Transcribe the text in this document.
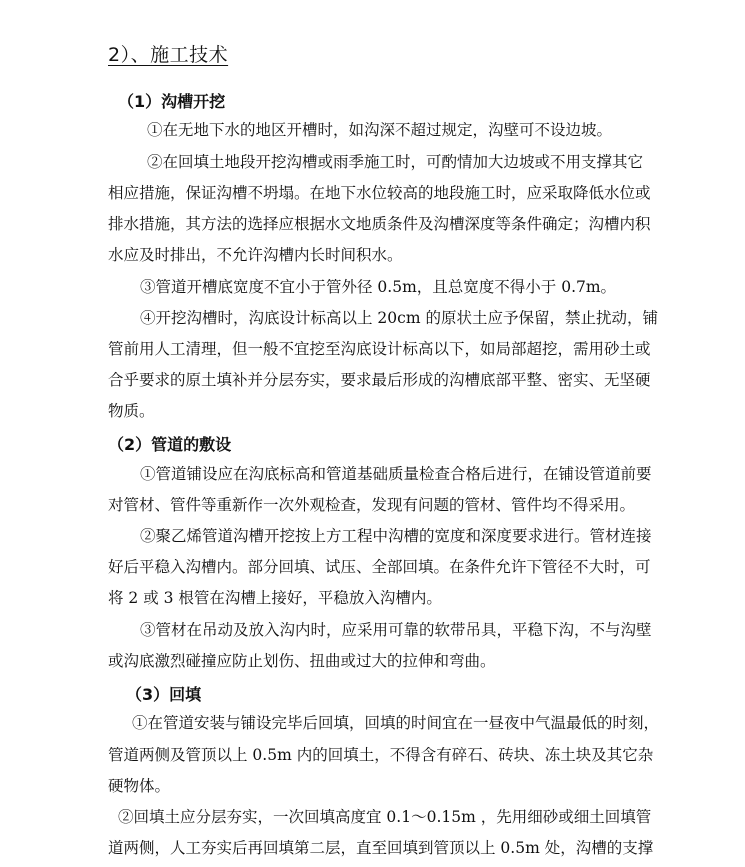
2）、施工技术
（1）沟槽开挖

①在无地下水的地区开槽时，如沟深不超过规定，沟壁可不设边坡。

②在回填土地段开挖沟槽或雨季施工时，可酌情加大边坡或不用支撑其它

相应措施，保证沟槽不坍塌。在地下水位较高的地段施工时，应采取降低水位或

排水措施，其方法的选择应根据水文地质条件及沟槽深度等条件确定；沟槽内积

水应及时排出，不允许沟槽内长时间积水。

③管道开槽底宽度不宜小于管外径 0.5m，且总宽度不得小于 0.7m。

④开挖沟槽时，沟底设计标高以上 20cm 的原状土应予保留，禁止扰动，铺

管前用人工清理，但一般不宜挖至沟底设计标高以下，如局部超挖，需用砂土或

合乎要求的原土填补并分层夯实，要求最后形成的沟槽底部平整、密实、无坚硬

物质。

（2）管道的敷设

①管道铺设应在沟底标高和管道基础质量检查合格后进行，在铺设管道前要

对管材、管件等重新作一次外观检查，发现有问题的管材、管件均不得采用。

②聚乙烯管道沟槽开挖按上方工程中沟槽的宽度和深度要求进行。管材连接

好后平稳入沟槽内。部分回填、试压、全部回填。在条件允许下管径不大时，可

将 2 或 3 根管在沟槽上接好，平稳放入沟槽内。

③管材在吊动及放入沟内时，应采用可靠的软带吊具，平稳下沟，不与沟壁

或沟底激烈碰撞应防止划伤、扭曲或过大的拉伸和弯曲。

（3）回填

①在管道安装与铺设完毕后回填，回填的时间宜在一昼夜中气温最低的时刻，

管道两侧及管顶以上 0.5m 内的回填土，不得含有碎石、砖块、冻土块及其它杂

硬物体。

②回填土应分层夯实，一次回填高度宜 0.1～0.15m ，先用细砂或细土回填管

道两侧，人工夯实后再回填第二层，直至回填到管顶以上 0.5m 处，沟槽的支撑
